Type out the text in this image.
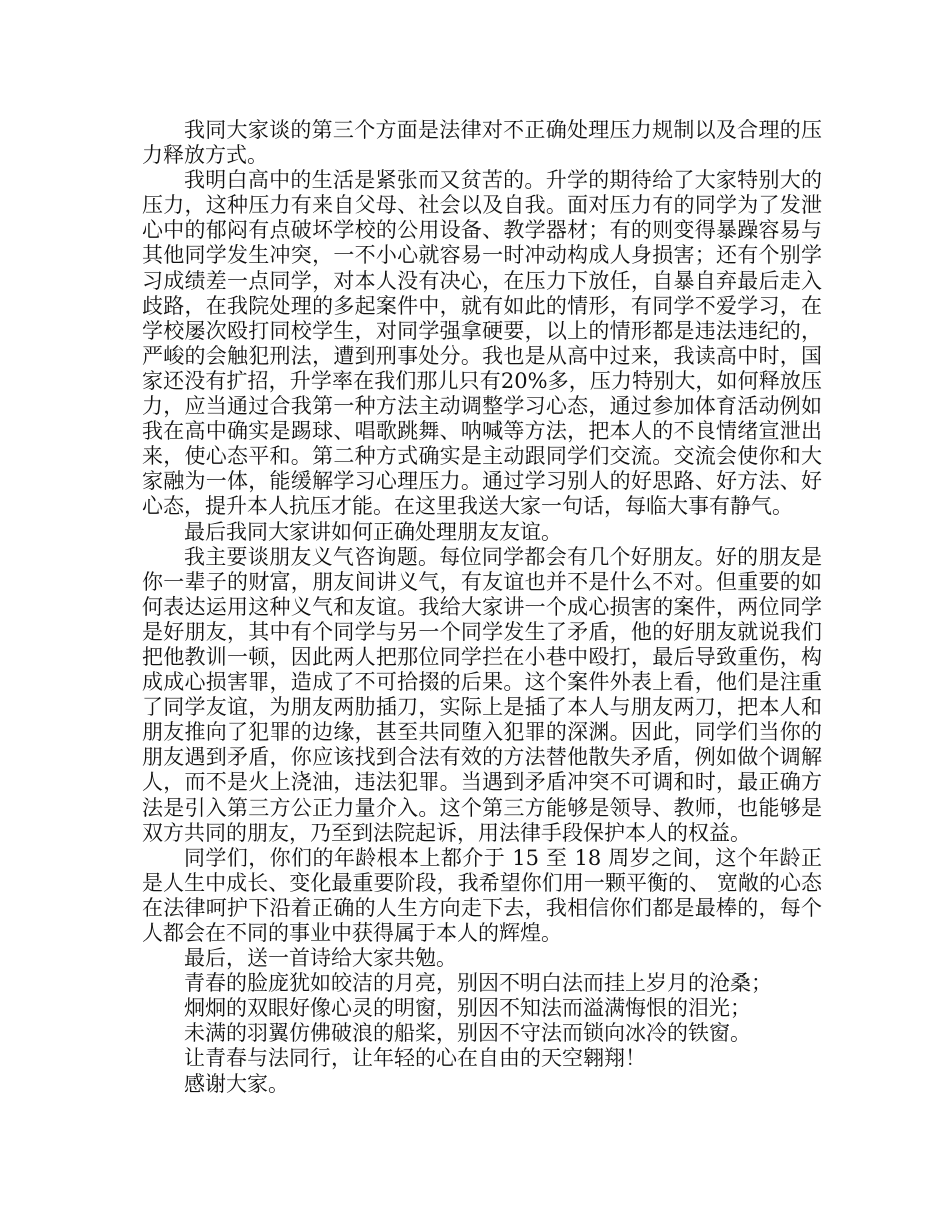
我同大家谈的第三个方面是法律对不正确处理压力规制以及合理的压力释放方式。

我明白高中的生活是紧张而又贫苦的。升学的期待给了大家特别大的压力，这种压力有来自父母、社会以及自我。面对压力有的同学为了发泄心中的郁闷有点破坏学校的公用设备、教学器材；有的则变得暴躁容易与其他同学发生冲突，一不小心就容易一时冲动构成人身损害；还有个别学习成绩差一点同学，对本人没有决心，在压力下放任，自暴自弃最后走入歧路，在我院处理的多起案件中，就有如此的情形，有同学不爱学习，在学校屡次殴打同校学生，对同学强拿硬要，以上的情形都是违法违纪的，严峻的会触犯刑法，遭到刑事处分。我也是从高中过来，我读高中时，国家还没有扩招，升学率在我们那儿只有20%多，压力特别大，如何释放压力，应当通过合我第一种方法主动调整学习心态，通过参加体育活动例如我在高中确实是踢球、唱歌跳舞、呐喊等方法，把本人的不良情绪宣泄出来，使心态平和。第二种方式确实是主动跟同学们交流。交流会使你和大家融为一体，能缓解学习心理压力。通过学习别人的好思路、好方法、好心态，提升本人抗压才能。在这里我送大家一句话，每临大事有静气。

最后我同大家讲如何正确处理朋友友谊。

我主要谈朋友义气咨询题。每位同学都会有几个好朋友。好的朋友是你一辈子的财富，朋友间讲义气，有友谊也并不是什么不对。但重要的如何表达运用这种义气和友谊。我给大家讲一个成心损害的案件，两位同学是好朋友，其中有个同学与另一个同学发生了矛盾，他的好朋友就说我们把他教训一顿，因此两人把那位同学拦在小巷中殴打，最后导致重伤，构成成心损害罪，造成了不可拾掇的后果。这个案件外表上看，他们是注重了同学友谊，为朋友两肋插刀，实际上是插了本人与朋友两刀，把本人和朋友推向了犯罪的边缘，甚至共同堕入犯罪的深渊。因此，同学们当你的朋友遇到矛盾，你应该找到合法有效的方法替他散失矛盾，例如做个调解人，而不是火上浇油，违法犯罪。当遇到矛盾冲突不可调和时，最正确方法是引入第三方公正力量介入。这个第三方能够是领导、教师，也能够是双方共同的朋友，乃至到法院起诉，用法律手段保护本人的权益。

同学们，你们的年龄根本上都介于 15 至 18 周岁之间，这个年龄正是人生中成长、变化最重要阶段，我希望你们用一颗平衡的、 宽敞的心态在法律呵护下沿着正确的人生方向走下去，我相信你们都是最棒的，每个人都会在不同的事业中获得属于本人的辉煌。

最后，送一首诗给大家共勉。

青春的脸庞犹如皎洁的月亮，别因不明白法而挂上岁月的沧桑；

炯炯的双眼好像心灵的明窗，别因不知法而溢满悔恨的泪光；

未满的羽翼仿佛破浪的船桨，别因不守法而锁向冰冷的铁窗。

让青春与法同行，让年轻的心在自由的天空翱翔！

感谢大家。
